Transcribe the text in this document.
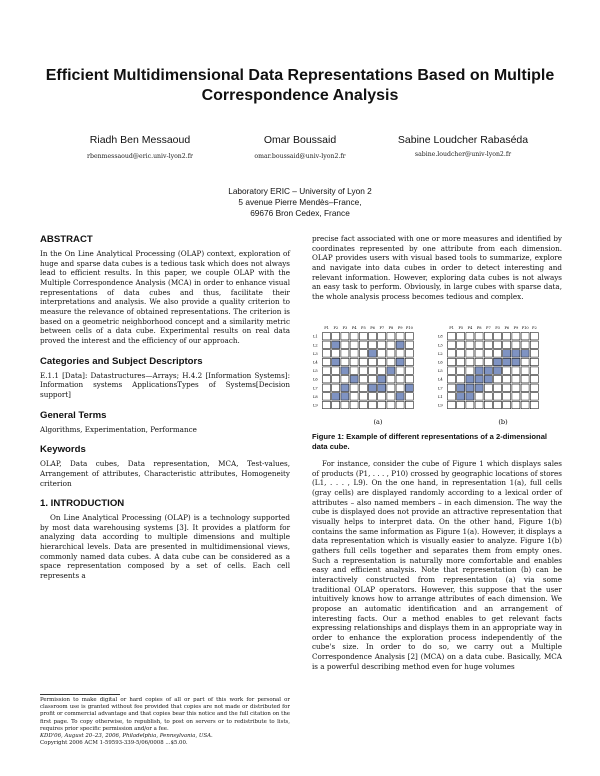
Efficient Multidimensional Data Representations Based on Multiple Correspondence Analysis
Riadh Ben Messaoud
rbenmessaoud@eric.univ-lyon2.fr
Omar Boussaid
omar.boussaid@univ-lyon2.fr
Sabine Loudcher Rabaséda
sabine.loudcher@univ-lyon2.fr
Laboratory ERIC – University of Lyon 2
5 avenue Pierre Mendès–France,
69676 Bron Cedex, France
ABSTRACT

In the On Line Analytical Processing (OLAP) context, exploration of huge and sparse data cubes is a tedious task which does not always lead to efficient results. In this paper, we couple OLAP with the Multiple Correspondence Analysis (MCA) in order to enhance visual representations of data cubes and thus, facilitate their interpretations and analysis. We also provide a quality criterion to measure the relevance of obtained representations. The criterion is based on a geometric neighborhood concept and a similarity metric between cells of a data cube. Experimental results on real data proved the interest and the efficiency of our approach.

Categories and Subject Descriptors

E.1.1 [Data]: Datastructures—Arrays; H.4.2 [Information Systems]: Information systems ApplicationsTypes of Systems[Decision support]

General Terms

Algorithms, Experimentation, Performance

Keywords

OLAP, Data cubes, Data representation, MCA, Test-values, Arrangement of attributes, Characteristic attributes, Homogeneity criterion

1. INTRODUCTION

On Line Analytical Processing (OLAP) is a technology supported by most data warehousing systems [3]. It provides a platform for analyzing data according to multiple dimensions and multiple hierarchical levels. Data are presented in multidimensional views, commonly named data cubes. A data cube can be considered as a space representation composed by a set of cells. Each cell represents a

Permission to make digital or hard copies of all or part of this work for personal or classroom use is granted without fee provided that copies are not made or distributed for profit or commercial advantage and that copies bear this notice and the full citation on the first page. To copy otherwise, to republish, to post on servers or to redistribute to lists, requires prior specific permission and/or a fee.
KDD'06, August 20–23, 2006, Philadelphia, Pennsylvania, USA.
Copyright 2006 ACM 1-59593-339-5/06/0008 ...$5.00.

precise fact associated with one or more measures and identified by coordinates represented by one attribute from each dimension. OLAP provides users with visual based tools to summarize, explore and navigate into data cubes in order to detect interesting and relevant information. However, exploring data cubes is not always an easy task to perform. Obviously, in large cubes with sparse data, the whole analysis process becomes tedious and complex.

P1 P2 P3 P4 P5 P6 P7 P8 P9 P10
L1
L2
L3
L4
L5
L6
L7
L8
L9
P1 P5 P4 P8 P7 P3 P6 P9 P10 P2
L8
L3
L2
L6
L5
L4
L7
L1
L9
(a)	(b)
Figure 1: Example of different representations of a 2-dimensional data cube.

For instance, consider the cube of Figure 1 which displays sales of products (P1, . . . , P10) crossed by geographic locations of stores (L1, . . . , L9). On the one hand, in representation 1(a), full cells (gray cells) are displayed randomly according to a lexical order of attributes – also named members – in each dimension. The way the cube is displayed does not provide an attractive representation that visually helps to interpret data. On the other hand, Figure 1(b) contains the same information as Figure 1(a). However, it displays a data representation which is visually easier to analyze. Figure 1(b) gathers full cells together and separates them from empty ones. Such a representation is naturally more comfortable and enables easy and efficient analysis. Note that representation (b) can be interactively constructed from representation (a) via some traditional OLAP operators. However, this suppose that the user intuitively knows how to arrange attributes of each dimension. We propose an automatic identification and an arrangement of interesting facts. Our a method enables to get relevant facts expressing relationships and displays them in an appropriate way in order to enhance the exploration process independently of the cube's size. In order to do so, we carry out a Multiple Correspondence Analysis [2] (MCA) on a data cube. Basically, MCA is a powerful describing method even for huge volumes
